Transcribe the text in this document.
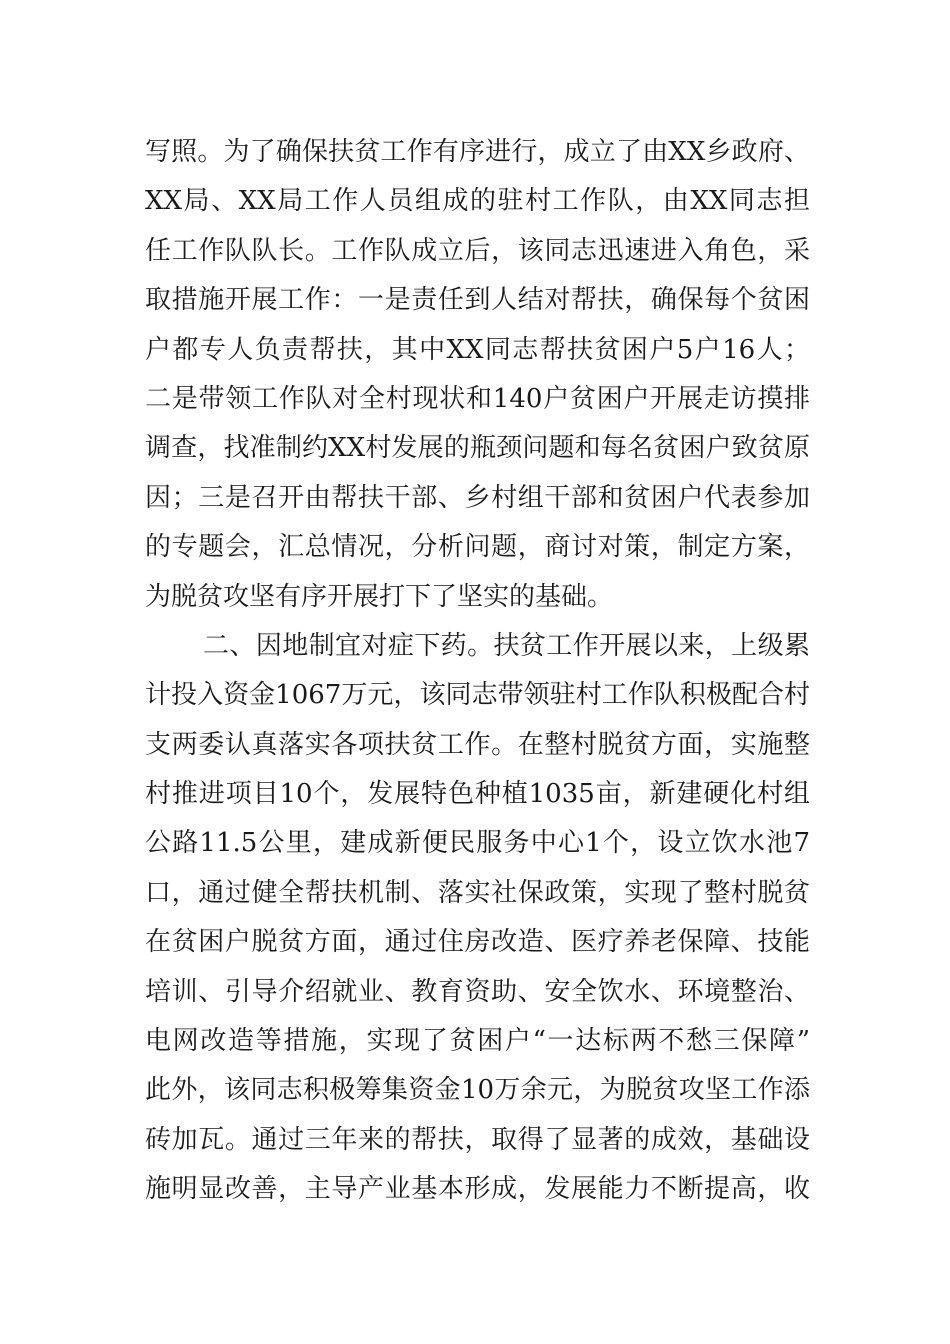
写照。为了确保扶贫工作有序进行，成立了由XX乡政府、
XX局、XX局工作人员组成的驻村工作队，由XX同志担
任工作队队长。工作队成立后，该同志迅速进入角色，采
取措施开展工作：一是责任到人结对帮扶，确保每个贫困
户都专人负责帮扶，其中XX同志帮扶贫困户5户16人；
二是带领工作队对全村现状和140户贫困户开展走访摸排
调查，找准制约XX村发展的瓶颈问题和每名贫困户致贫原
因；三是召开由帮扶干部、乡村组干部和贫困户代表参加
的专题会，汇总情况，分析问题，商讨对策，制定方案，
为脱贫攻坚有序开展打下了坚实的基础。
二、因地制宜对症下药。扶贫工作开展以来，上级累
计投入资金1067万元，该同志带领驻村工作队积极配合村
支两委认真落实各项扶贫工作。在整村脱贫方面，实施整
村推进项目10个，发展特色种植1035亩，新建硬化村组
公路11.5公里，建成新便民服务中心1个，设立饮水池7
口，通过健全帮扶机制、落实社保政策，实现了整村脱贫
在贫困户脱贫方面，通过住房改造、医疗养老保障、技能
培训、引导介绍就业、教育资助、安全饮水、环境整治、
电网改造等措施，实现了贫困户“一达标两不愁三保障”
此外，该同志积极筹集资金10万余元，为脱贫攻坚工作添
砖加瓦。通过三年来的帮扶，取得了显著的成效，基础设
施明显改善，主导产业基本形成，发展能力不断提高，收
